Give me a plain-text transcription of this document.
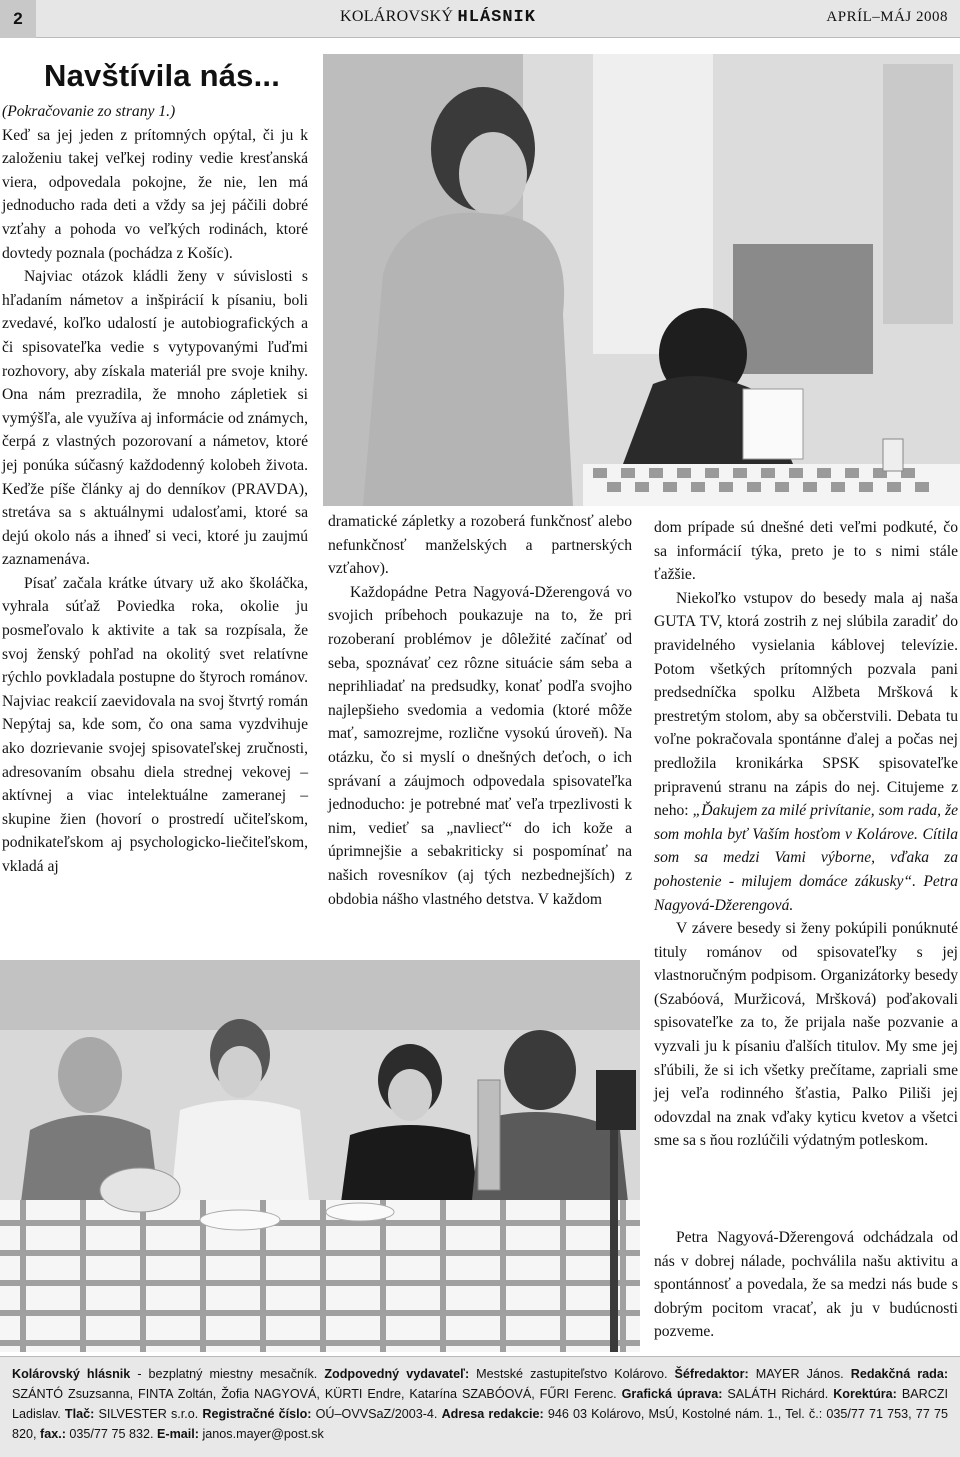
2	KOLÁROVSKÝ HLÁSNIK	APRÍL–MÁJ 2008
Navštívila nás...

(Pokračovanie zo strany 1.)

Keď sa jej jeden z prítomných opýtal, či ju k založeniu takej veľkej rodiny vedie kresťanská viera, odpovedala pokojne, že nie, len má jednoducho rada deti a vždy sa jej páčili dobré vzťahy a pohoda vo veľkých rodinách, ktoré dovtedy poznala (pochádza z Košíc).

Najviac otázok kládli ženy v súvislosti s hľadaním námetov a inšpirácií k písaniu, boli zvedavé, koľko udalostí je autobiografických a či spisovateľka vedie s vytypovanými ľuďmi rozhovory, aby získala materiál pre svoje knihy. Ona nám prezradila, že mnoho zápletiek si vymýšľa, ale využíva aj informácie od známych, čerpá z vlastných pozorovaní a námetov, ktoré jej ponúka súčasný každodenný kolobeh života. Keďže píše články aj do denníkov (PRAVDA), stretáva sa s aktuálnymi udalosťami, ktoré sa dejú okolo nás a ihneď si veci, ktoré ju zaujmú zaznamenáva.

Písať začala krátke útvary už ako školáčka, vyhrala súťaž Poviedka roka, okolie ju posmeľovalo k aktivite a tak sa rozpísala, že svoj ženský pohľad na okolitý svet relatívne rýchlo povkladala postupne do štyroch románov. Najviac reakcií zaevidovala na svoj štvrtý román Nepýtaj sa, kde som, čo ona sama vyzdvihuje ako dozrievanie svojej spisovateľskej zručnosti, adresovaním obsahu diela strednej vekovej – aktívnej a viac intelektuálne zameranej – skupine žien (hovorí o prostredí učiteľskom, podnikateľskom aj psychologicko-liečiteľskom, vkladá aj

dramatické zápletky a rozoberá funkčnosť alebo nefunkčnosť manželských a partnerských vzťahov).

Každopádne Petra Nagyová-Džerengová vo svojich príbehoch poukazuje na to, že pri rozoberaní problémov je dôležité začínať od seba, spoznávať cez rôzne situácie sám seba a neprihliadať na predsudky, konať podľa svojho najlepšieho svedomia a vedomia (ktoré môže mať, samozrejme, rozlične vysokú úroveň). Na otázku, čo si myslí o dnešných deťoch, o ich správaní a záujmoch odpovedala spisovateľka jednoducho: je potrebné mať veľa trpezlivosti k nim, vedieť sa „navliecť“ do ich kože a úprimnejšie a sebakriticky si pospomínať na našich rovesníkov (aj tých nezbednejších) z obdobia nášho vlastného detstva. V každom

dom prípade sú dnešné deti veľmi podkuté, čo sa informácií týka, preto je to s nimi stále ťažšie.

Niekoľko vstupov do besedy mala aj naša GUTA TV, ktorá zostrih z nej slúbila zaradiť do pravidelného vysielania káblovej televízie. Potom všetkých prítomných pozvala pani predsedníčka spolku Alžbeta Mršková k prestretým stolom, aby sa občerstvili. Debata tu voľne pokračovala spontánne ďalej a počas nej predložila kronikárka SPSK spisovateľke pripravenú stranu na zápis do nej. Citujeme z neho: „Ďakujem za milé privítanie, som rada, že som mohla byť Vaším hosťom v Kolárove. Cítila som sa medzi Vami výborne, vďaka za pohostenie - milujem domáce zákusky“. Petra Nagyová-Džerengová.

V závere besedy si ženy pokúpili ponúknuté tituly románov od spisovateľky s jej vlastnoručným podpisom. Organizátorky besedy (Szabóová, Muržicová, Mršková) poďakovali spisovateľke za to, že prijala naše pozvanie a vyzvali ju k písaniu ďalších titulov. My sme jej sľúbili, že si ich všetky prečítame, zapriali sme jej veľa rodinného šťastia, Palko Piliši jej odovzdal na znak vďaky kyticu kvetov a všetci sme sa s ňou rozlúčili výdatným potleskom.

Petra Nagyová-Džerengová odchádzala od nás v dobrej nálade, pochválila našu aktivitu a spontánnosť a povedala, že sa medzi nás bude s dobrým pocitom vracať, ak ju v budúcnosti pozveme.

Kolárovský hlásnik - bezplatný miestny mesačník. Zodpovedný vydavateľ: Mestské zastupiteľstvo Kolárovo. Šéfredaktor: MAYER János. Redakčná rada: SZÁNTÓ Zsuzsanna, FINTA Zoltán, Žofia NAGYOVÁ, KÜRTI Endre, Katarína SZABÓOVÁ, FŰRI Ferenc. Grafická úprava: SALÁTH Richárd. Korektúra: BARCZI Ladislav. Tlač: SILVESTER s.r.o. Registračné číslo: OÚ–OVVSaZ/2003-4. Adresa redakcie: 946 03 Kolárovo, MsÚ, Kostolné nám. 1., Tel. č.: 035/77 71 753, 77 75 820, fax.: 035/77 75 832. E-mail: janos.mayer@post.sk
